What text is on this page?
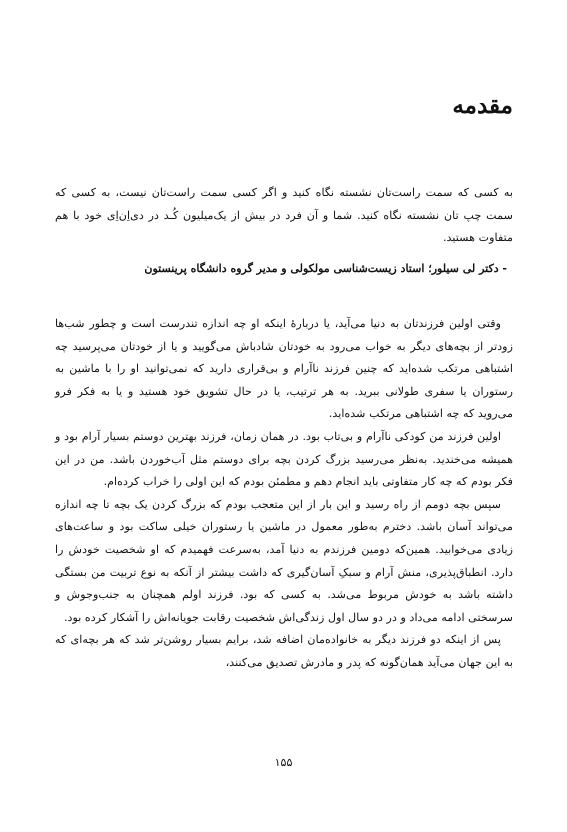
مقدمه
به کسی که سمت راست‌تان نشسته نگاه کنید و اگر کسی سمت راست‌تان نیست، به کسی که سمت چپ تان نشسته نگاه کنید. شما و آن فرد در بیش از یک‌میلیون کُـد در دی‌اِن‌اِی خود با هم متفاوت هستید.
- دکتر لی سیلور؛ استاد زیست‌شناسی مولکولی و مدیر گروه دانشگاه پرینستون

وقتی اولین فرزندتان به دنیا می‌آید، یا دربارهٔ اینکه او چه اندازه تندرست است و چطور شب‌ها زودتر از بچه‌های دیگر به خواب می‌رود به خودتان شادباش می‌گویید و یا از خودتان می‌پرسید چه اشتباهی مرتکب شده‌اید که چنین فرزند ناآرام و بی‌قراری دارید که نمی‌توانید او را با ماشین به رستوران یا سفری طولانی ببرید. به هر ترتیب، یا در حال تشویق خود هستید و یا به فکر فرو می‌روید که چه اشتباهی مرتکب شده‌اید.

اولین فرزند من کودکی ناآرام و بی‌تاب بود. در همان زمان، فرزند بهترین دوستم بسیار آرام بود و همیشه می‌خندید. به‌نظر می‌رسید بزرگ کردن بچه برای دوستم مثل آب‌خوردن باشد. من در این فکر بودم که چه کار متفاوتی باید انجام دهم و مطمئن بودم که این اولی را خراب کرده‌ام.

سپس بچه دومم از راه رسید و این بار از این متعجب بودم که بزرگ کردن یک بچه تا چه اندازه می‌تواند آسان باشد. دخترم به‌طور معمول در ماشین یا رستوران خیلی ساکت بود و ساعت‌های زیادی می‌خوابید. همین‌که دومین فرزندم به دنیا آمد، به‌سرعت فهمیدم که او شخصیت خودش را دارد. انطباق‌پذیری، منش آرام و سبکِ آسان‌گیری که داشت بیشتر از آنکه به نوع تربیت من بستگی داشته باشد به خودش مربوط می‌شد. به کسی که بود. فرزند اولم همچنان به جنب‌وجوش و سرسختی ادامه می‌داد و در دو سال اول زندگی‌اش شخصیت رقابت جویانه‌اش را آشکار کرده بود.

پس از اینکه دو فرزند دیگر به خانواده‌مان اضافه شد، برایم بسیار روشن‌تر شد که هر بچه‌ای که به این جهان می‌آید همان‌گونه که پدر و مادرش تصدیق می‌کنند،

۱۵۵
